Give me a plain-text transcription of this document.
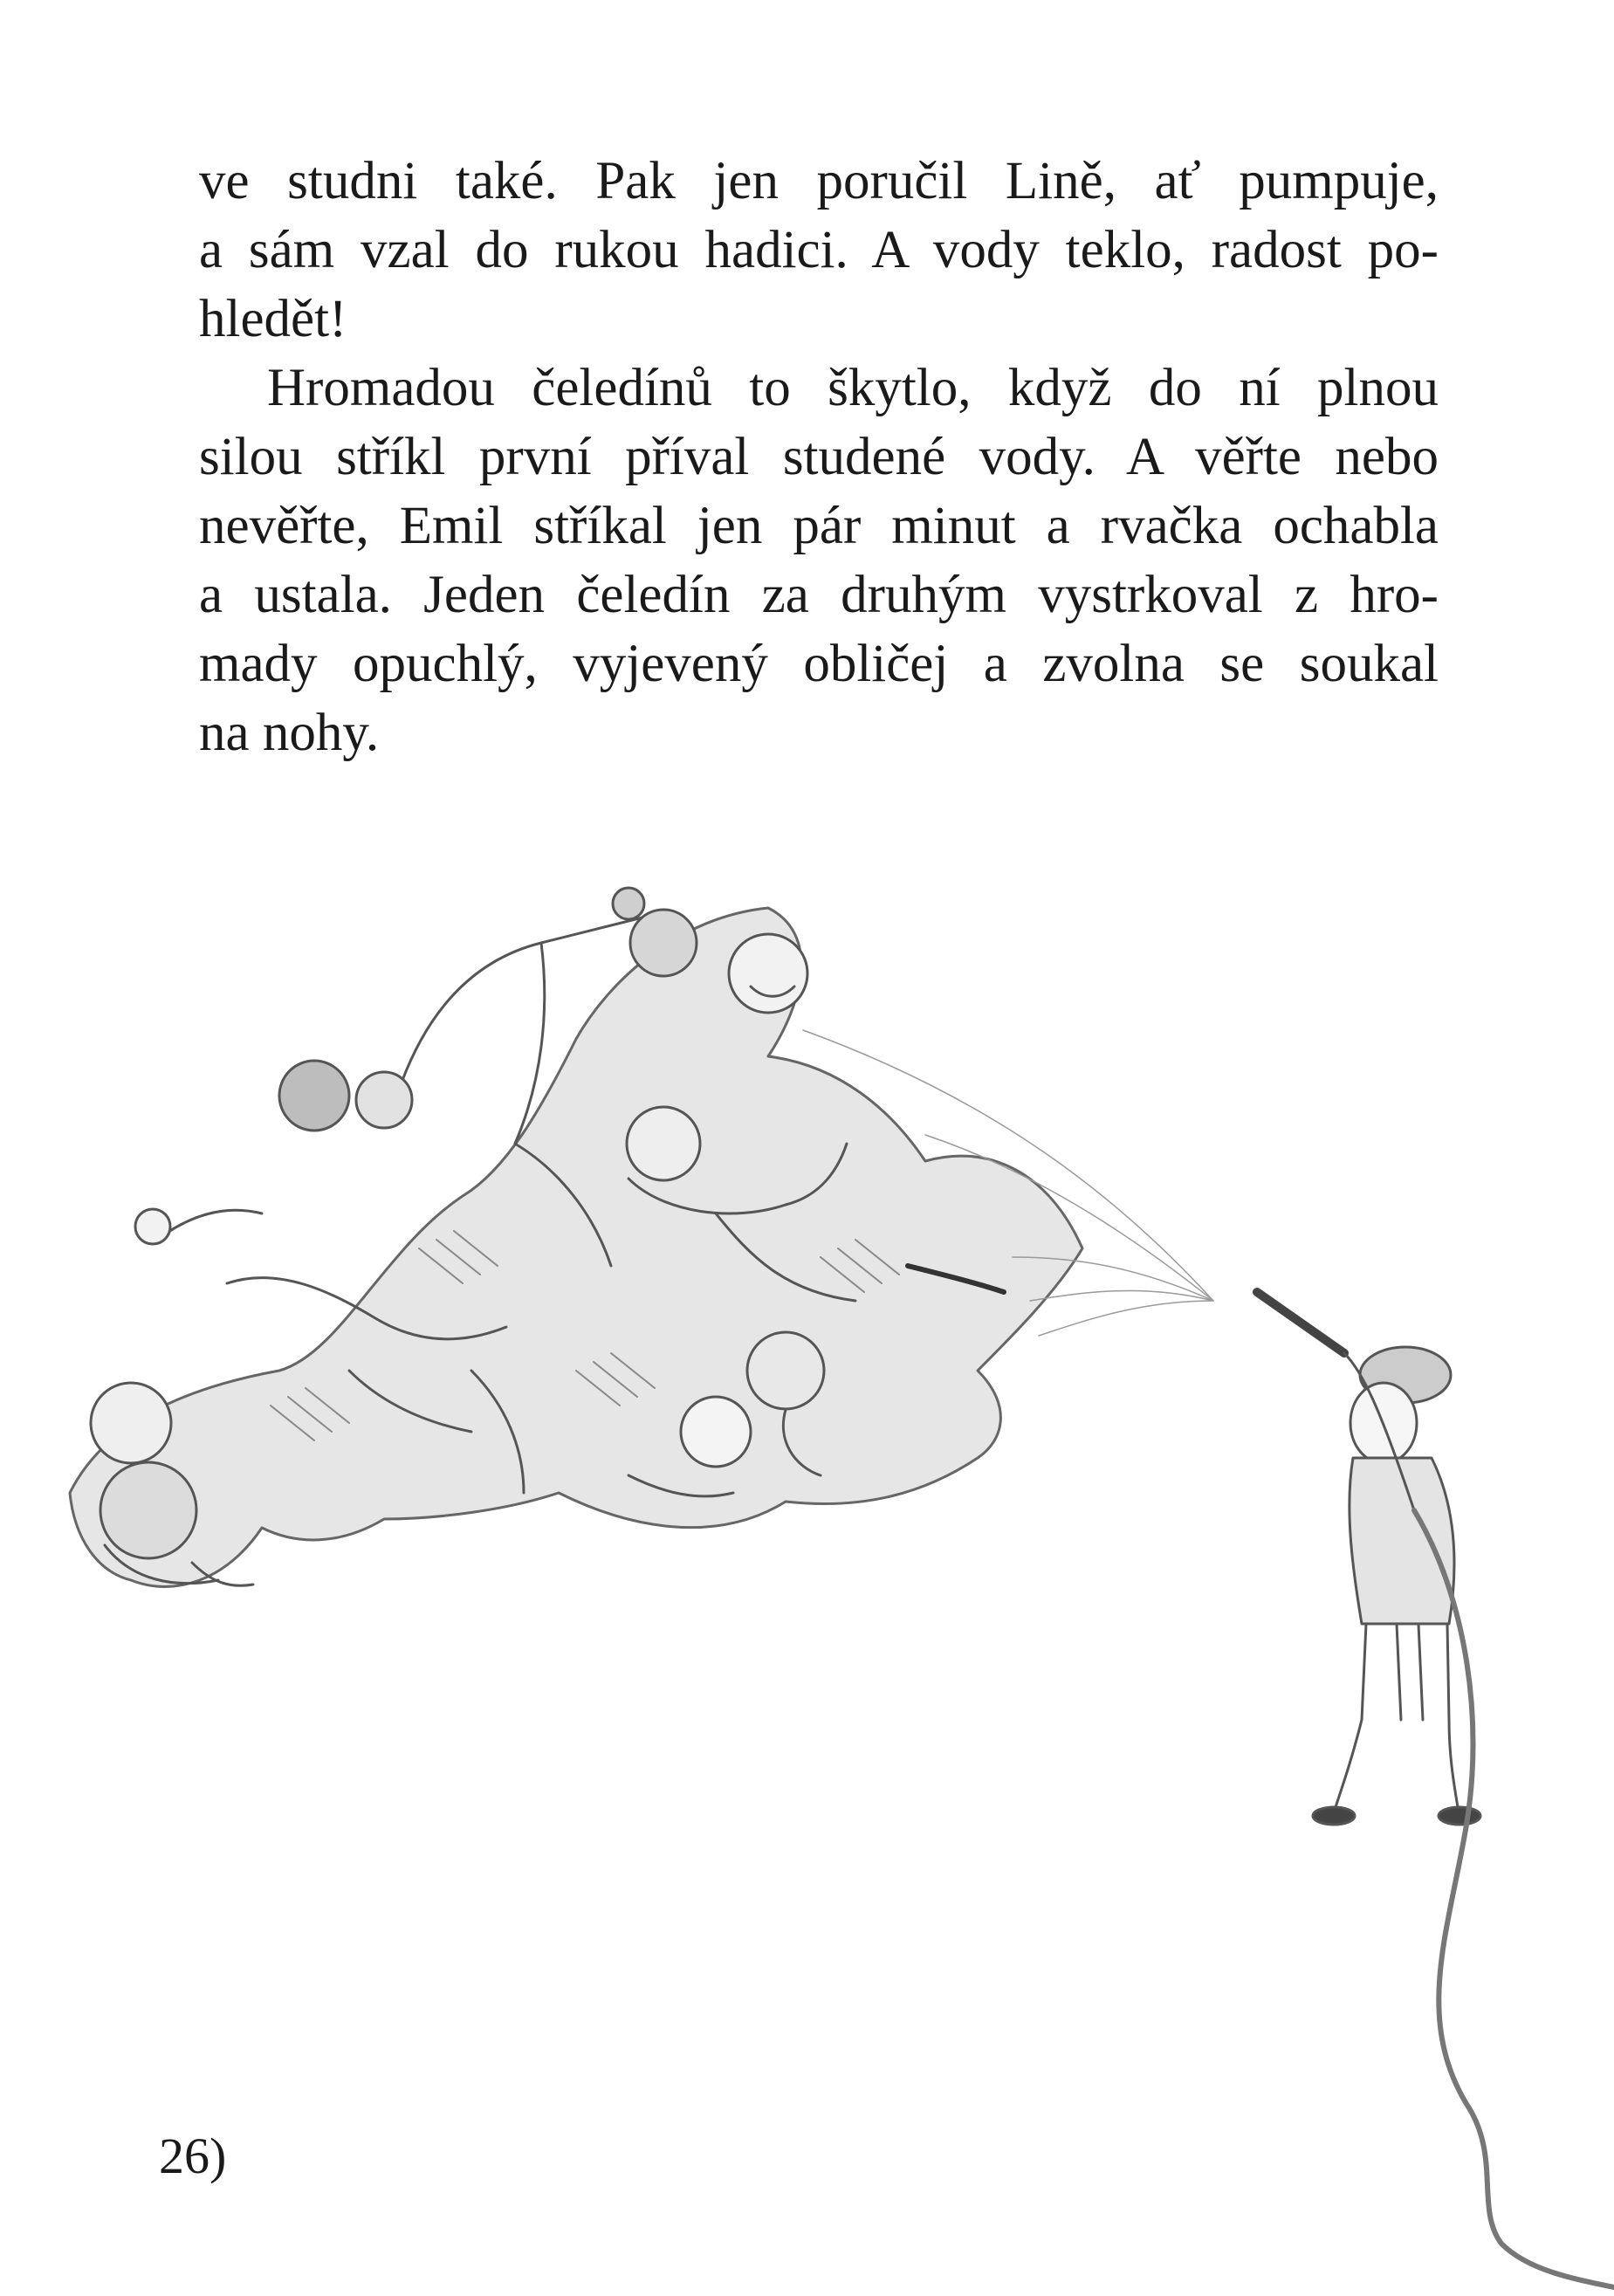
ve studni také. Pak jen poručil Lině, ať pumpuje,
a sám vzal do rukou hadici. A vody teklo, radost po-
hledět!
Hromadou čeledínů to škytlo, když do ní plnou
silou stříkl první příval studené vody. A věřte nebo
nevěřte, Emil stříkal jen pár minut a rvačka ochabla
a ustala. Jeden čeledín za druhým vystrkoval z hro-
mady opuchlý, vyjevený obličej a zvolna se soukal
na nohy.
26)
